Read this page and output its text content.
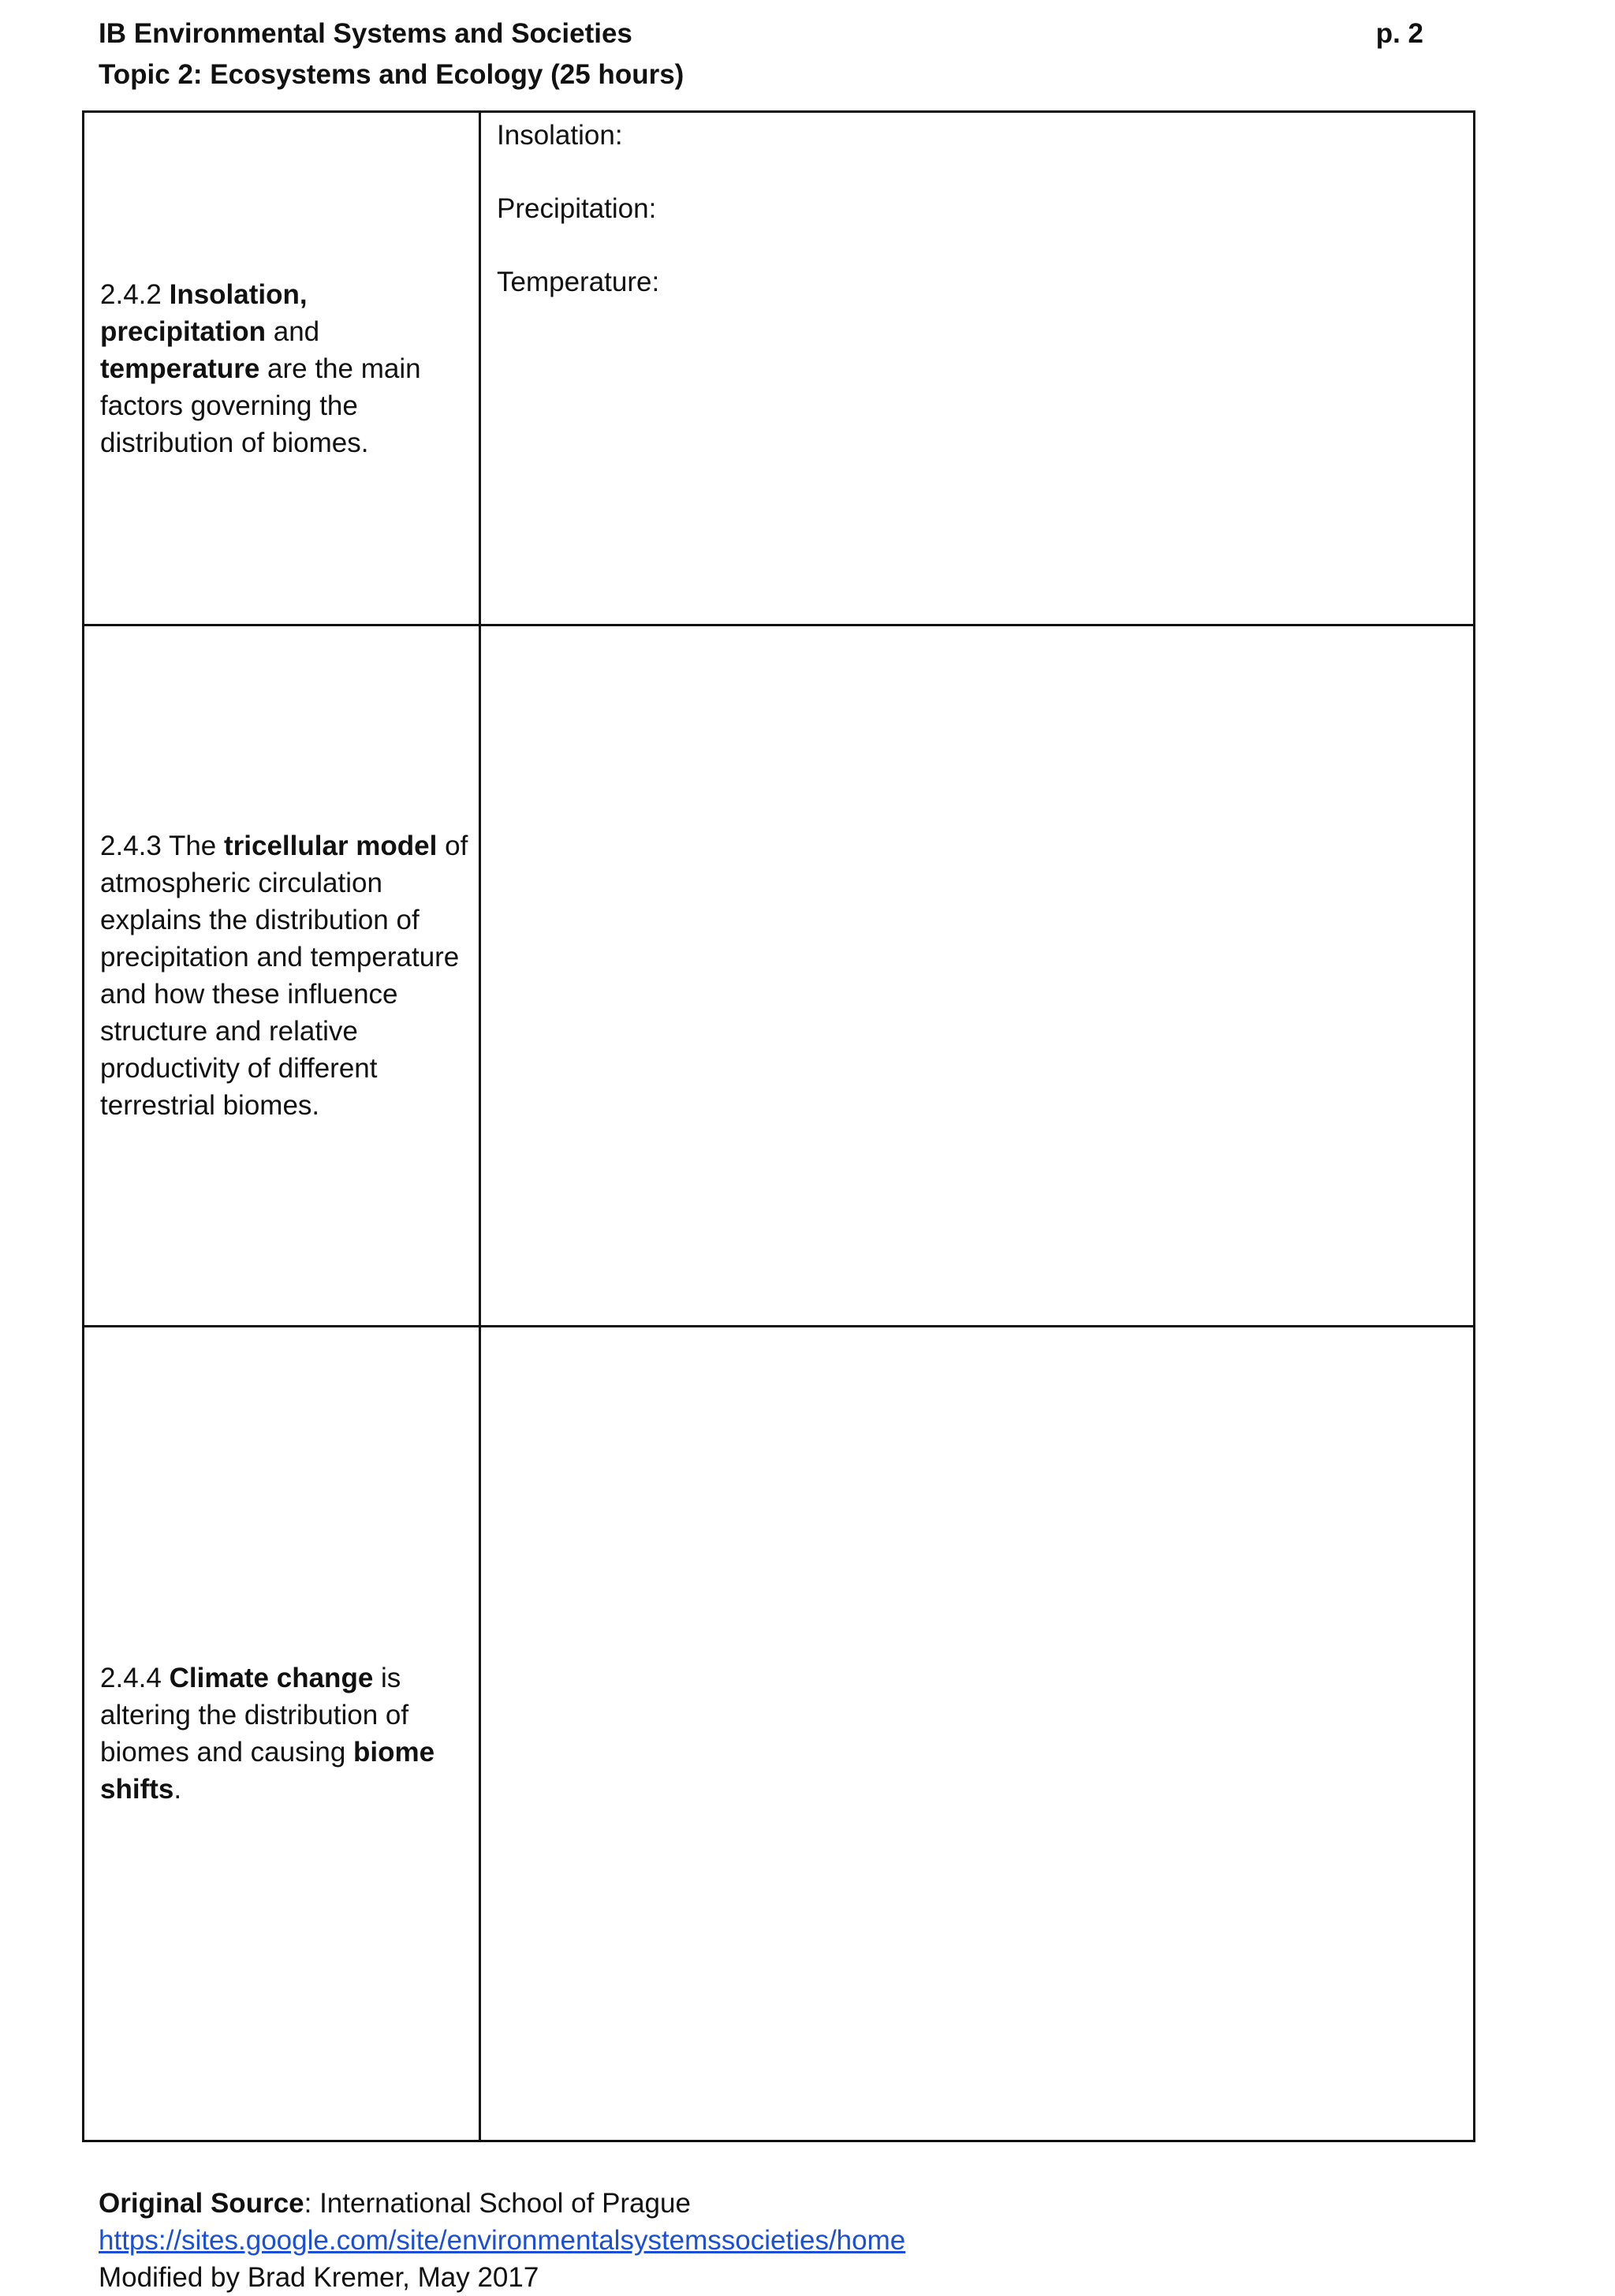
IB Environmental Systems and Societies
Topic 2: Ecosystems and Ecology (25 hours)
p. 2

2.4.2 Insolation, precipitation and temperature are the main factors governing the distribution of biomes.

Insolation:
Precipitation:
Temperature:

2.4.3 The tricellular model of atmospheric circulation explains the distribution of precipitation and temperature and how these influence structure and relative productivity of different terrestrial biomes.

2.4.4 Climate change is altering the distribution of biomes and causing biome shifts.

Original Source: International School of Prague
https://sites.google.com/site/environmentalsystemssocieties/home
Modified by Brad Kremer, May 2017
